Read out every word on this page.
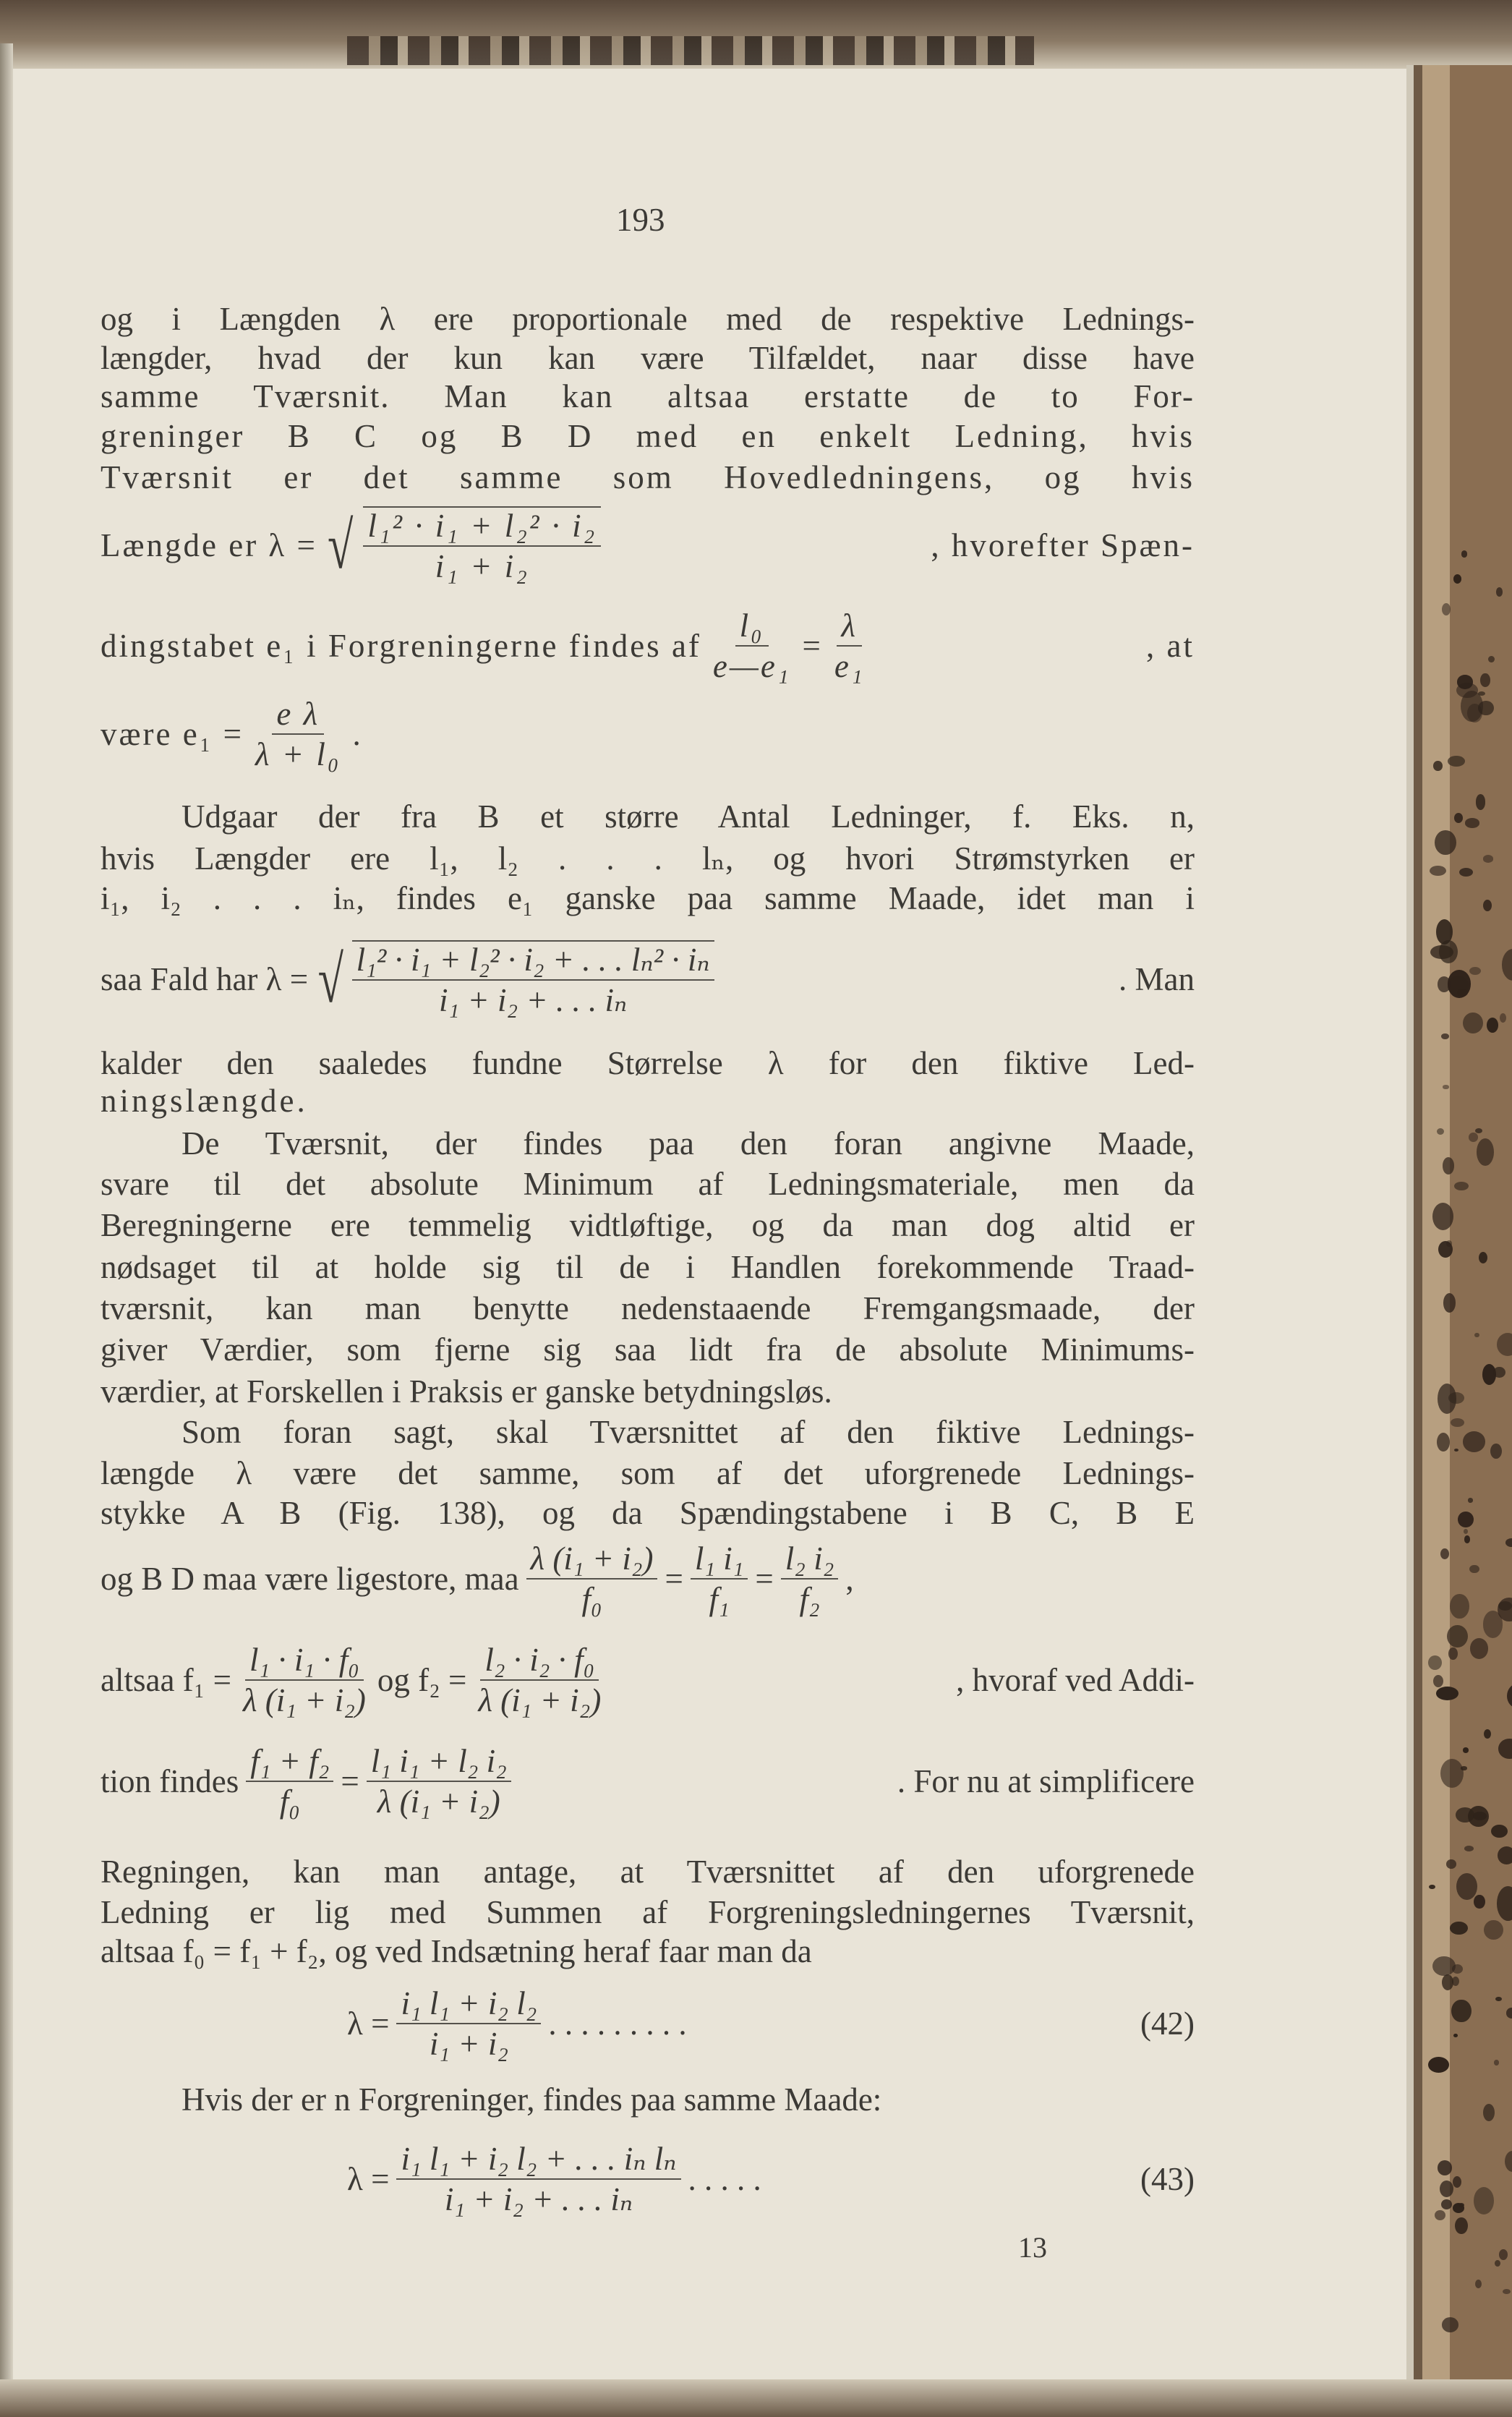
193
og i Længden λ ere proportionale med de respektive Lednings-
længder, hvad der kun kan være Tilfældet, naar disse have
samme Tværsnit. Man kan altsaa erstatte de to For-
greninger B C og B D med en enkelt Ledning, hvis
Tværsnit er det samme som Hovedledningens, og hvis
Længde er λ = √ $\frac{\text{l₁² · i₁ + l₂² · i₂}}{\text{i₁ + i₂}}$	, hvorefter Spæn-
dingstabet e₁ i Forgreningerne findes af $\frac{\text{l₀}}{\text{e—e₁}} = \frac{\lambda}{\text{e₁}}$	, at
være $e_1 = \frac{\text{e λ}}{\text{λ + l₀}}$ .
Udgaar der fra B et større Antal Ledninger, f. Eks. n,
hvis Længder ere l₁, l₂ . . . lₙ, og hvori Strømstyrken er
i₁, i₂ . . . iₙ, findes e₁ ganske paa samme Maade, idet man i
saa Fald har λ = √ $\frac{\text{l₁² · i₁ + l₂² · i₂ + . . . lₙ² · iₙ}}{\text{i₁ + i₂ + . . . iₙ}}$	. Man
kalder den saaledes fundne Størrelse λ for den fiktive Led-
ningslængde.
De Tværsnit, der findes paa den foran angivne Maade,
svare til det absolute Minimum af Ledningsmateriale, men da
Beregningerne ere temmelig vidtløftige, og da man dog altid er
nødsaget til at holde sig til de i Handlen forekommende Traad-
tværsnit, kan man benytte nedenstaaende Fremgangsmaade, der
giver Værdier, som fjerne sig saa lidt fra de absolute Minimums-
værdier, at Forskellen i Praksis er ganske betydningsløs.
Som foran sagt, skal Tværsnittet af den fiktive Lednings-
længde λ være det samme, som af det uforgrenede Lednings-
stykke A B (Fig. 138), og da Spændingstabene i B C, B E
og B D maa være ligestore, maa $\frac{\text{λ (i₁ + i₂)}}{\text{f₀}} = \frac{\text{l₁ i₁}}{\text{f₁}} = \frac{\text{l₂ i₂}}{\text{f₂}}$ ,
altsaa $f_1 = \frac{\text{l₁ · i₁ · f₀}}{\text{λ (i₁ + i₂)}}$ og $f_2 = \frac{\text{l₂ · i₂ · f₀}}{\text{λ (i₁ + i₂)}}$	, hvoraf ved Addi-
tion findes $\frac{\text{f₁ + f₂}}{\text{f₀}} = \frac{\text{l₁ i₁ + l₂ i₂}}{\text{λ (i₁ + i₂)}}$	. For nu at simplificere
Regningen, kan man antage, at Tværsnittet af den uforgrenede
Ledning er lig med Summen af Forgreningsledningernes Tværsnit,
altsaa f₀ = f₁ + f₂, og ved Indsætning heraf faar man da
$\lambda = \frac{\text{i₁ l₁ + i₂ l₂}}{\text{i₁ + i₂}}$ . . . . . . . . .	(42)
Hvis der er n Forgreninger, findes paa samme Maade:
$\lambda = \frac{\text{i₁ l₁ + i₂ l₂ + . . . iₙ lₙ}}{\text{i₁ + i₂ + . . . iₙ}}$ . . . . .	(43)
13
